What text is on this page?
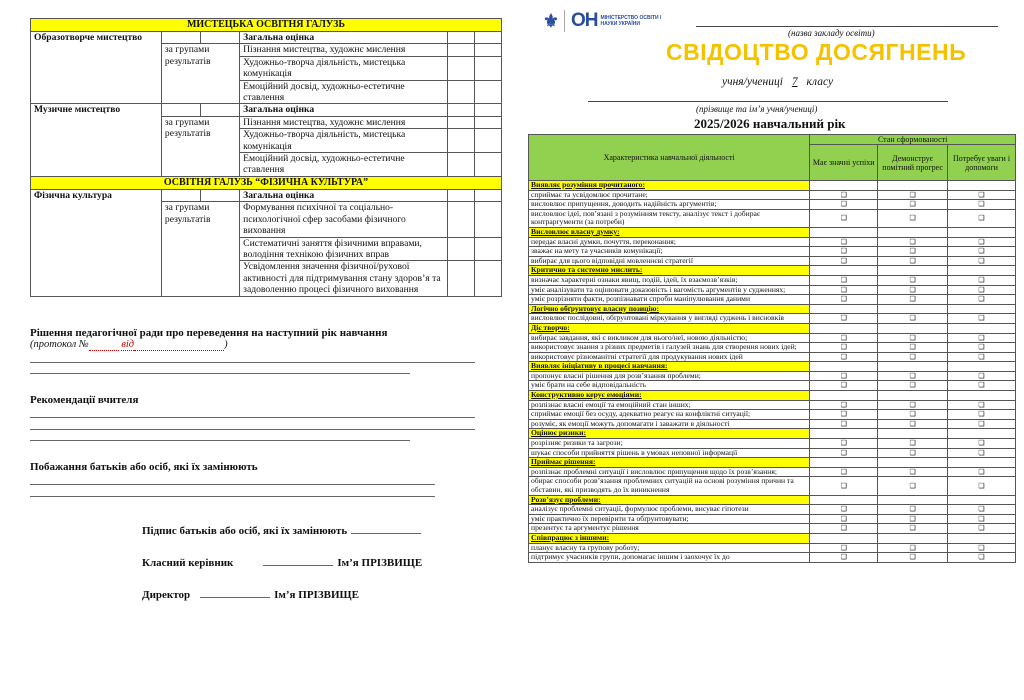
МИСТЕЦЬКА ОСВІТНЯ ГАЛУЗЬ					
Образотворче мистецтво			Загальна оцінка		
	за групами результатів		Пізнання мистецтва, художнє мислення		
			Художньо-творча діяльність, мистецька комунікація		
			Емоційний досвід, художньо-естетичне ставлення		
Музичне мистецтво			Загальна оцінка		
	за групами результатів		Пізнання мистецтва, художнє мислення		
			Художньо-творча діяльність, мистецька комунікація		
			Емоційний досвід, художньо-естетичне ставлення		
ОСВІТНЯ ГАЛУЗЬ “ФІЗИЧНА КУЛЬТУРА”					
Фізична культура			Загальна оцінка		
	за групами результатів		Формування психічної та соціально-психологічної сфер засобами фізичного виховання		
			Систематичні заняття фізичними вправами, володіння технікою фізичних вправ		
			Усвідомлення значення фізичної/рухової активності для підтримування стану здоров’я та задоволенню процесі фізичного виховання		
Рішення педагогічної ради про переведення на наступний рік навчання
(протокол №	від	)
Рекомендації вчителя
Побажання батьків або осіб, які їх замінюють
Підпис батьків або осіб, які їх замінюють
Класний керівник	Ім’я ПРІЗВИЩЕ
Директор	Ім’я ПРІЗВИЩЕ
⚜ ОН МІНІСТЕРСТВО ОСВІТИ І НАУКИ УКРАЇНИ
(назва закладу освіти)
СВІДОЦТВО ДОСЯГНЕНЬ
учня/учениці 7 класу
(прізвище та ім’я учня/учениці)
2025/2026 навчальний рік
Характеристика навчальної діяльності	Стан сформованості		
	Має значні успіхи	Демонструє помітний прогрес	Потребує уваги і допомоги
Виявляє розуміння прочитаного:			
сприймає та усвідомлює прочитане;	❑	❑	❑
висловлює припущення, доводить надійність аргументів;	❑	❑	❑
висловлює ідеї, пов’язані з розумінням тексту, аналізує текст і добирає контраргументи (за потреби)	❑	❑	❑
Висловлює власну думку:			
передає власні думки, почуття, переконання;	❑	❑	❑
зважає на мету та учасників комунікації;	❑	❑	❑
вибирає для цього відповідні мовленнєві стратегії	❑	❑	❑
Критично та системно мислить:			
визначає характерні ознаки явищ, подій, ідей, їх взаємозв’язків;	❑	❑	❑
уміє аналізувати та оцінювати доказовість і вагомість аргументів у судженнях;	❑	❑	❑
уміє розрізняти факти, розпізнавати спроби маніпулювання даними	❑	❑	❑
Логічно обґрунтовує власну позицію:			
висловлює послідовні, обґрунтовані міркування у вигляді суджень і висновків	❑	❑	❑
Діє творчо:			
вибирає завдання, які є викликом для нього/неї, новою діяльністю;	❑	❑	❑
використовує знання з різних предметів і галузей знань для створення нових ідей;	❑	❑	❑
використовує різноманітні стратегії для продукування нових ідей	❑	❑	❑
Виявляє ініціативу в процесі навчання:			
пропонує власні рішення для розв’язання проблеми;	❑	❑	❑
уміє брати на себе відповідальність	❑	❑	❑
Конструктивно керує емоціями:			
розпізнає власні емоції та емоційний стан інших;	❑	❑	❑
сприймає емоції без осуду, адекватно реагує на конфліктні ситуації;	❑	❑	❑
розуміє, як емоції можуть допомагати і заважати в діяльності	❑	❑	❑
Оцінює ризики:			
розрізняє ризики та загрози;	❑	❑	❑
шукає способи прийняття рішень в умовах неповної інформації	❑	❑	❑
Приймає рішення:			
розпізнає проблемні ситуації і висловлює припущення щодо їх розв’язання;	❑	❑	❑
обирає способи розв’язання проблемних ситуацій на основі розуміння причин та обставин, які призводять до їх виникнення	❑	❑	❑
Розв’язує проблеми:			
аналізує проблемні ситуації, формулює проблеми, висуває гіпотези	❑	❑	❑
уміє практично їх перевірити та обґрунтовувати;	❑	❑	❑
презентує та аргументує рішення	❑	❑	❑
Співпрацює з іншими:			
планує власну та групову роботу;	❑	❑	❑
підтримує учасників групи, допомагає іншим і заохочує їх до	❑	❑	❑
